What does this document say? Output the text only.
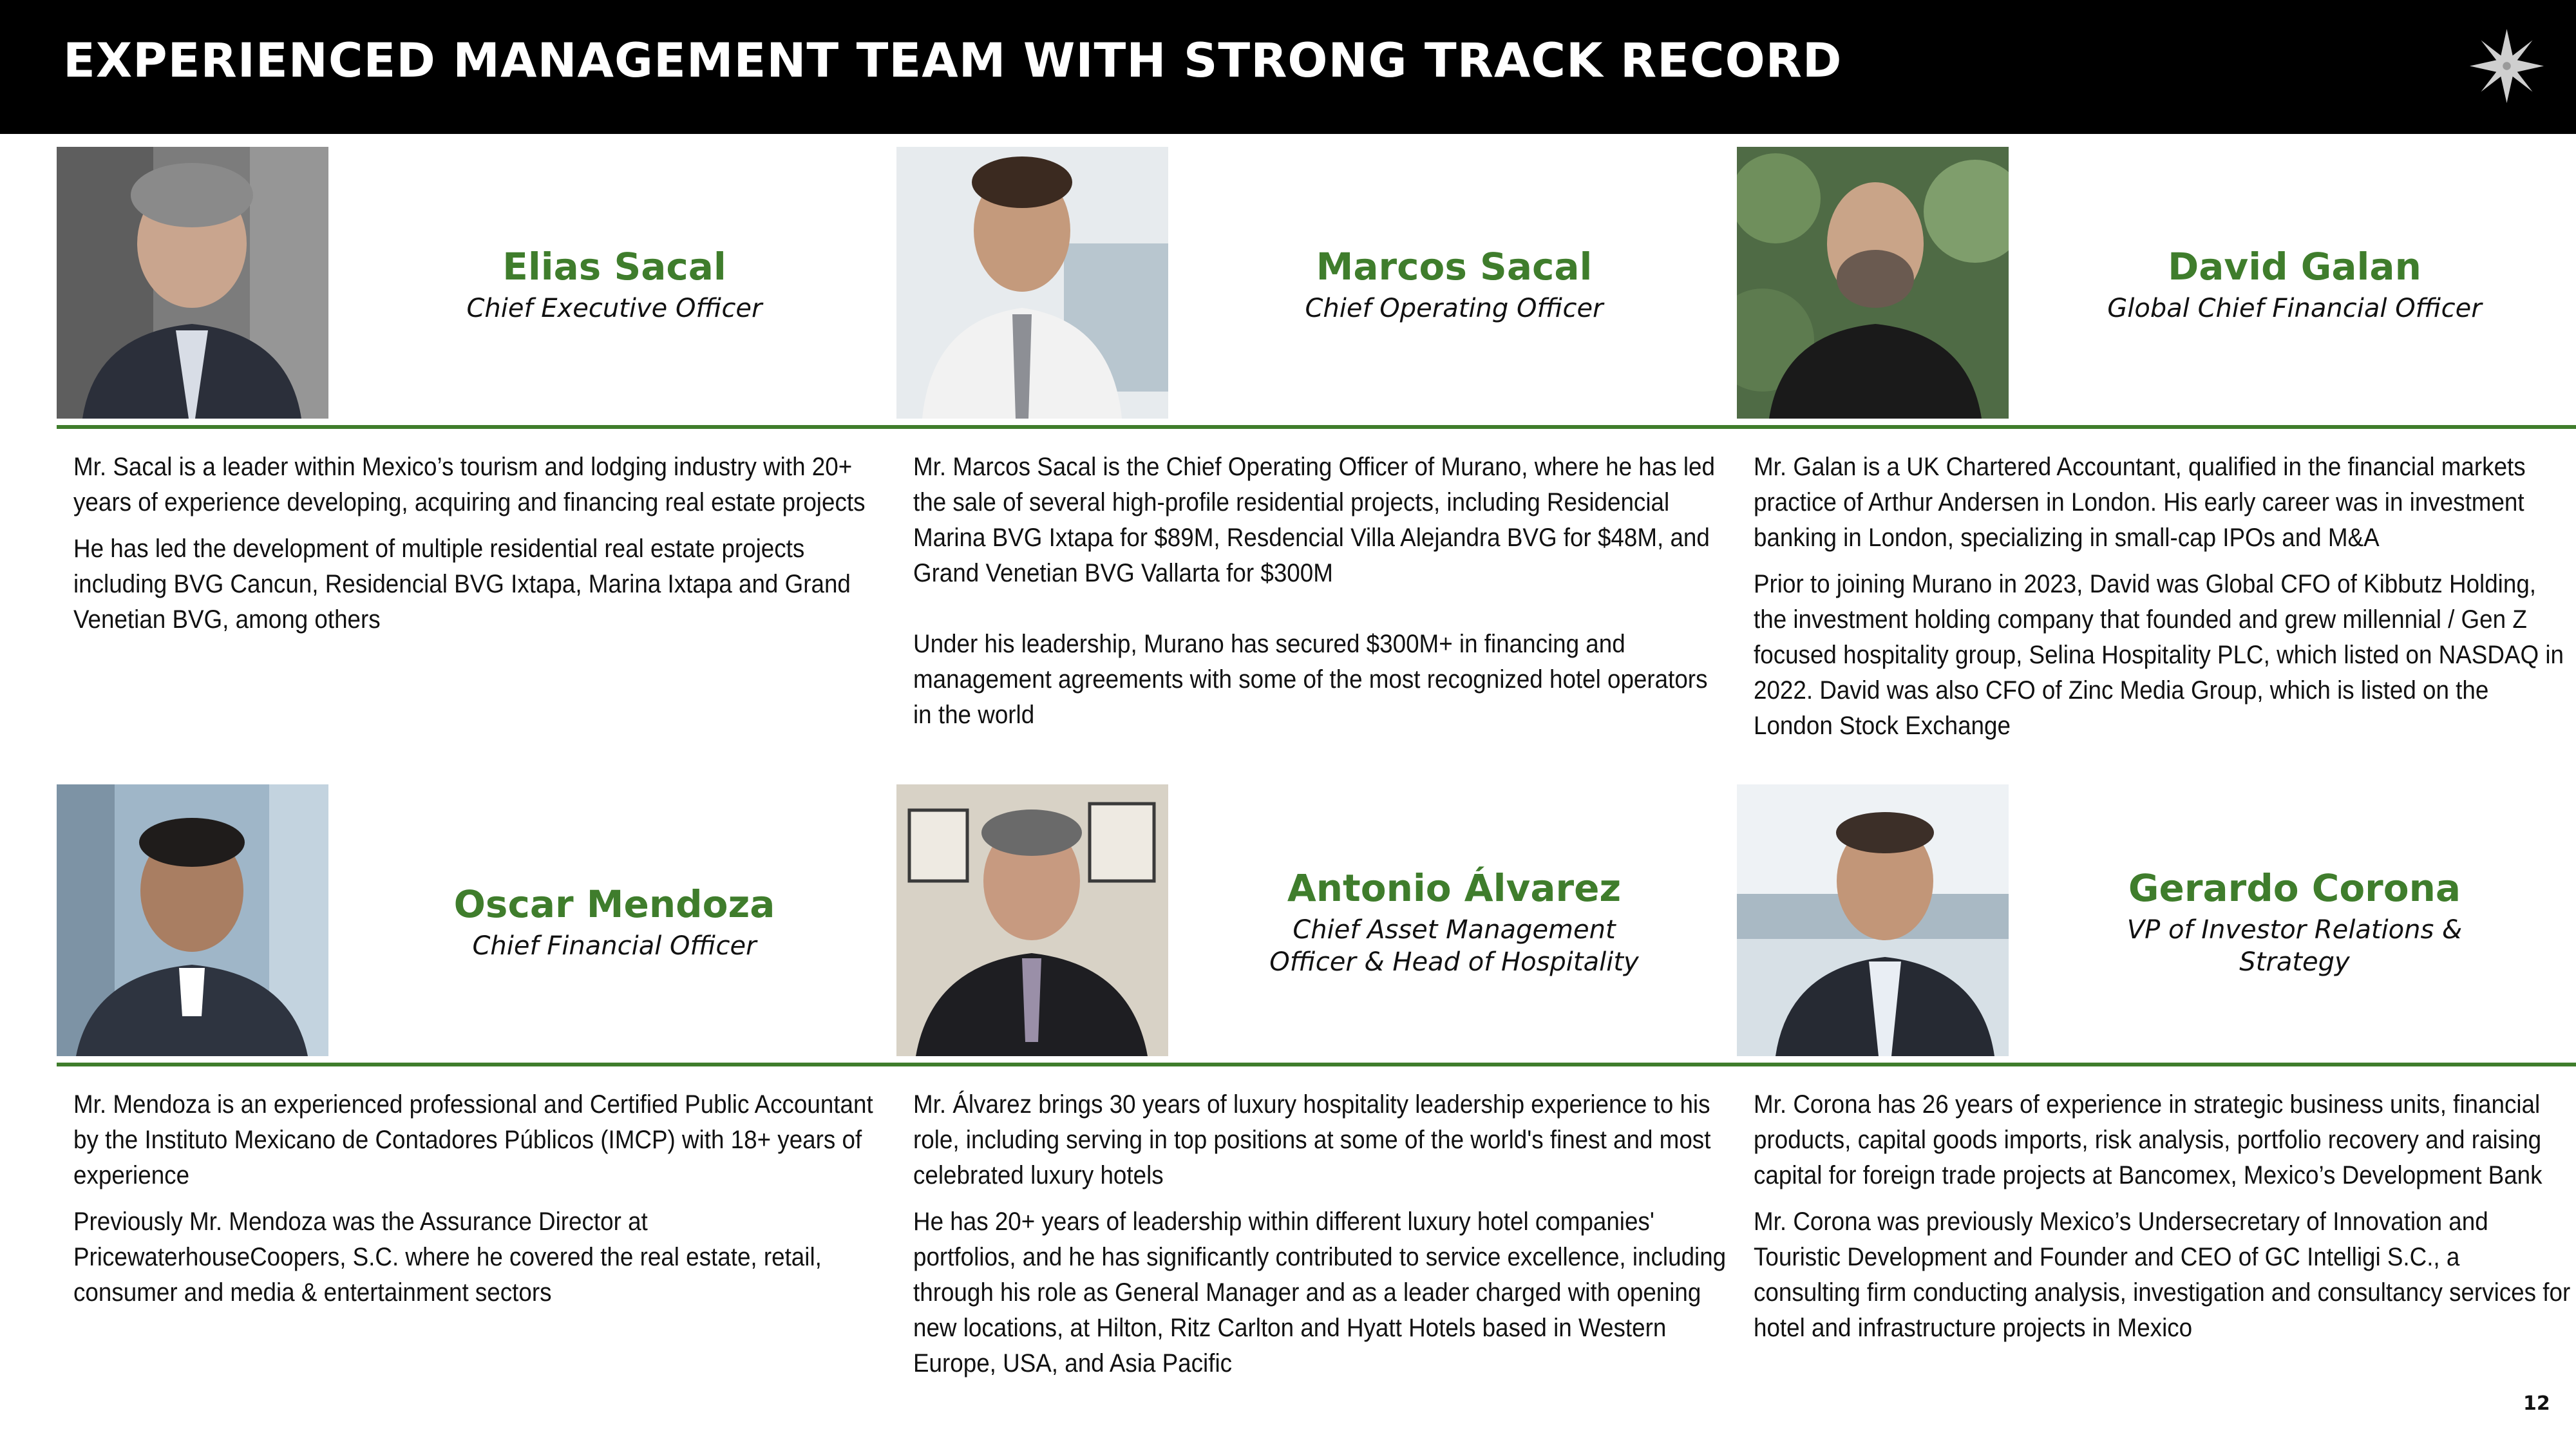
EXPERIENCED MANAGEMENT TEAM WITH STRONG TRACK RECORD
Elias Sacal
Chief Executive Officer

Mr. Sacal is a leader within Mexico’s tourism and lodging industry with 20+ years of experience developing, acquiring and financing real estate projects

He has led the development of multiple residential real estate projects including BVG Cancun, Residencial BVG Ixtapa, Marina Ixtapa and Grand Venetian BVG, among others

Marcos Sacal
Chief Operating Officer

Mr. Marcos Sacal is the Chief Operating Officer of Murano, where he has led the sale of several high-profile residential projects, including Residencial Marina BVG Ixtapa for $89M, Resdencial Villa Alejandra BVG for $48M, and Grand Venetian BVG Vallarta for $300M

Under his leadership, Murano has secured $300M+ in financing and management agreements with some of the most recognized hotel operators in the world

David Galan
Global Chief Financial Officer

Mr. Galan is a UK Chartered Accountant, qualified in the financial markets practice of Arthur Andersen in London. His early career was in investment banking in London, specializing in small-cap IPOs and M&A

Prior to joining Murano in 2023, David was Global CFO of Kibbutz Holding, the investment holding company that founded and grew millennial / Gen Z focused hospitality group, Selina Hospitality PLC, which listed on NASDAQ in 2022. David was also CFO of Zinc Media Group, which is listed on the London Stock Exchange

Oscar Mendoza
Chief Financial Officer

Mr. Mendoza is an experienced professional and Certified Public Accountant by the Instituto Mexicano de Contadores Públicos (IMCP) with 18+ years of experience

Previously Mr. Mendoza was the Assurance Director at PricewaterhouseCoopers, S.C. where he covered the real estate, retail, consumer and media & entertainment sectors

Antonio Álvarez
Chief Asset Management Officer & Head of Hospitality

Mr. Álvarez brings 30 years of luxury hospitality leadership experience to his role, including serving in top positions at some of the world's finest and most celebrated luxury hotels

He has 20+ years of leadership within different luxury hotel companies' portfolios, and he has significantly contributed to service excellence, including through his role as General Manager and as a leader charged with opening new locations, at Hilton, Ritz Carlton and Hyatt Hotels based in Western Europe, USA, and Asia Pacific

Gerardo Corona
VP of Investor Relations & Strategy

Mr. Corona has 26 years of experience in strategic business units, financial products, capital goods imports, risk analysis, portfolio recovery and raising capital for foreign trade projects at Bancomex, Mexico’s Development Bank

Mr. Corona was previously Mexico’s Undersecretary of Innovation and Touristic Development and Founder and CEO of GC Intelligi S.C., a consulting firm conducting analysis, investigation and consultancy services for hotel and infrastructure projects in Mexico

12
